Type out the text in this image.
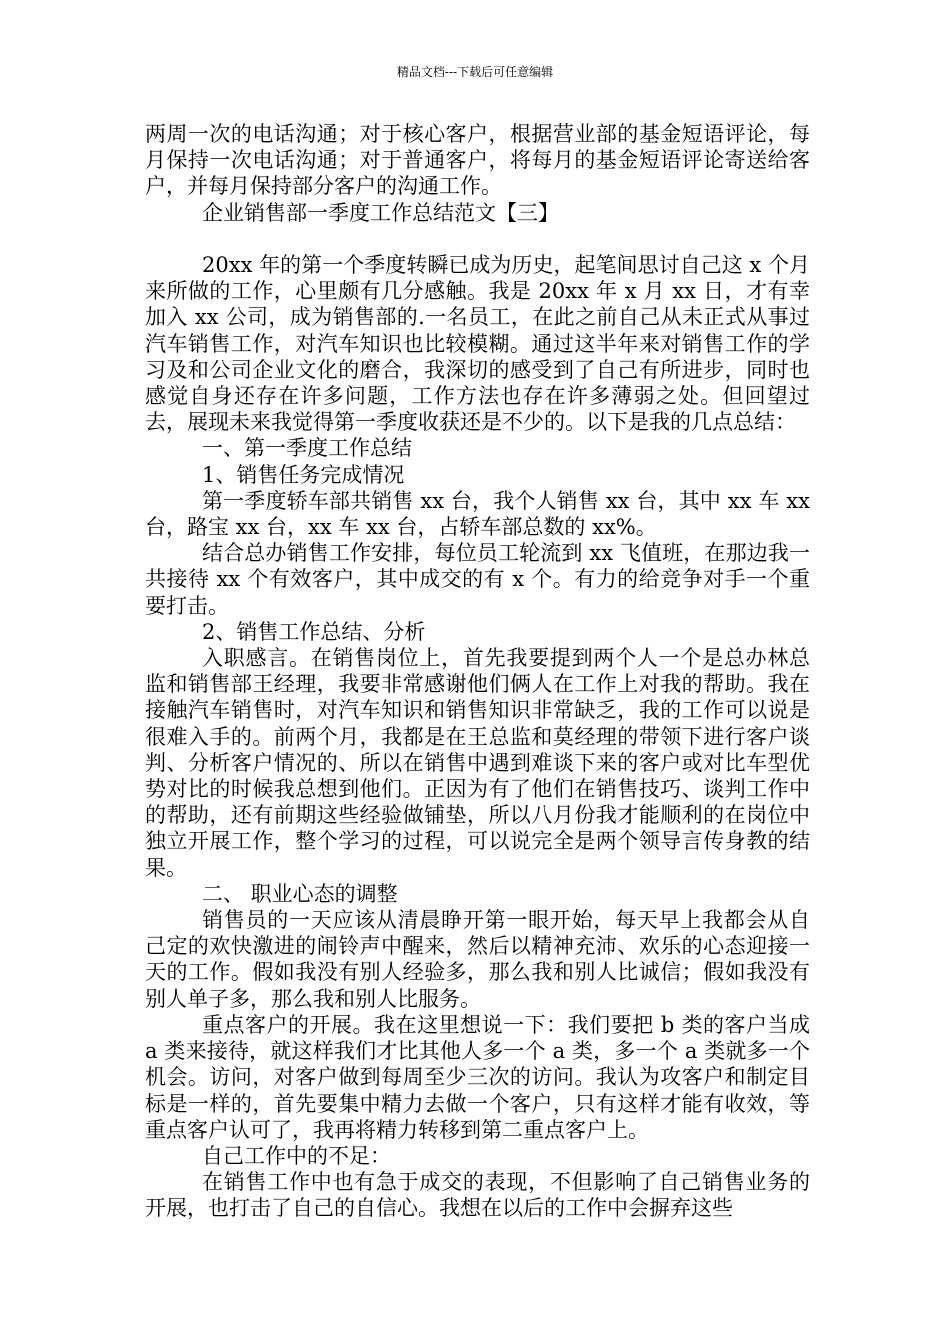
精品文档---下载后可任意编辑

两周一次的电话沟通；对于核心客户，根据营业部的基金短语评论，每月保持一次电话沟通；对于普通客户，将每月的基金短语评论寄送给客户，并每月保持部分客户的沟通工作。

企业销售部一季度工作总结范文【三】

20xx 年的第一个季度转瞬已成为历史，起笔间思讨自己这 x 个月来所做的工作，心里颇有几分感触。我是 20xx 年 x 月 xx 日，才有幸加入 xx 公司，成为销售部的.一名员工，在此之前自己从未正式从事过汽车销售工作，对汽车知识也比较模糊。通过这半年来对销售工作的学习及和公司企业文化的磨合，我深切的感受到了自己有所进步，同时也感觉自身还存在许多问题，工作方法也存在许多薄弱之处。但回望过去，展现未来我觉得第一季度收获还是不少的。以下是我的几点总结：

一、第一季度工作总结

1、销售任务完成情况

第一季度轿车部共销售 xx 台，我个人销售 xx 台，其中 xx 车 xx 台，路宝 xx 台，xx 车 xx 台，占轿车部总数的 xx%。

结合总办销售工作安排，每位员工轮流到 xx 飞值班，在那边我一共接待 xx 个有效客户，其中成交的有 x 个。有力的给竞争对手一个重要打击。

2、销售工作总结、分析

入职感言。在销售岗位上，首先我要提到两个人一个是总办林总监和销售部王经理，我要非常感谢他们俩人在工作上对我的帮助。我在接触汽车销售时，对汽车知识和销售知识非常缺乏，我的工作可以说是很难入手的。前两个月，我都是在王总监和莫经理的带领下进行客户谈判、分析客户情况的、所以在销售中遇到难谈下来的客户或对比车型优势对比的时候我总想到他们。正因为有了他们在销售技巧、谈判工作中的帮助，还有前期这些经验做铺垫，所以八月份我才能顺利的在岗位中独立开展工作，整个学习的过程，可以说完全是两个领导言传身教的结果。

二、 职业心态的调整

销售员的一天应该从清晨睁开第一眼开始，每天早上我都会从自己定的欢快激进的闹铃声中醒来，然后以精神充沛、欢乐的心态迎接一天的工作。假如我没有别人经验多，那么我和别人比诚信；假如我没有别人单子多，那么我和别人比服务。

重点客户的开展。我在这里想说一下：我们要把 b 类的客户当成 a 类来接待，就这样我们才比其他人多一个 a 类，多一个 a 类就多一个机会。访问，对客户做到每周至少三次的访问。我认为攻客户和制定目标是一样的，首先要集中精力去做一个客户，只有这样才能有收效，等重点客户认可了，我再将精力转移到第二重点客户上。

自己工作中的不足：

在销售工作中也有急于成交的表现，不但影响了自己销售业务的开展，也打击了自己的自信心。我想在以后的工作中会摒弃这些
